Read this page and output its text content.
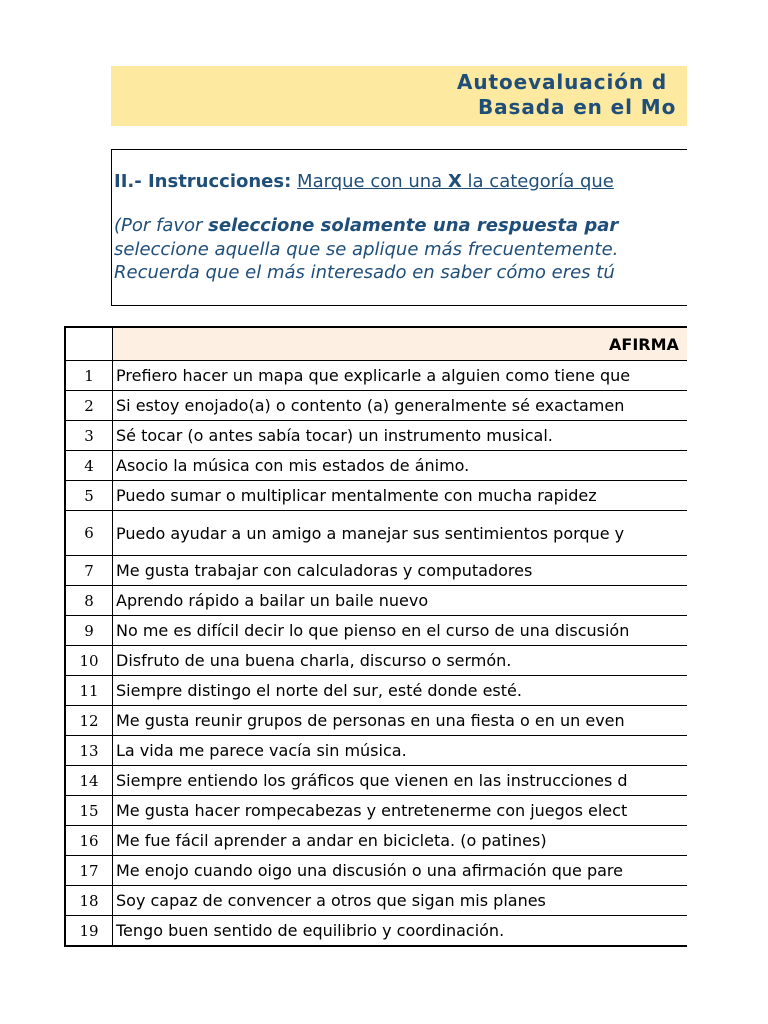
Autoevaluación d
Basada en el Mo
II.- Instrucciones: Marque con una X la categoría que
(Por favor seleccione solamente una respuesta par
seleccione aquella que se aplique más frecuentemente.
Recuerda que el más interesado en saber cómo eres tú
	AFIRMA
1	Prefiero hacer un mapa que explicarle a alguien como tiene que
2	Si estoy enojado(a) o contento (a) generalmente sé exactamen
3	Sé tocar (o antes sabía tocar) un instrumento musical.
4	Asocio la música con mis estados de ánimo.
5	Puedo sumar o multiplicar mentalmente con mucha rapidez
6	Puedo ayudar a un amigo a manejar sus sentimientos porque y
7	Me gusta trabajar con calculadoras y computadores
8	Aprendo rápido a bailar un baile nuevo
9	No me es difícil decir lo que pienso en el curso de una discusión
10	Disfruto de una buena charla, discurso o sermón.
11	Siempre distingo el norte del sur, esté donde esté.
12	Me gusta reunir grupos de personas en una fiesta o en un even
13	La vida me parece vacía sin música.
14	Siempre entiendo los gráficos que vienen en las instrucciones d
15	Me gusta hacer rompecabezas y entretenerme con juegos elect
16	Me fue fácil aprender a andar en bicicleta. (o patines)
17	Me enojo cuando oigo una discusión o una afirmación que pare
18	Soy capaz de convencer a otros que sigan mis planes
19	Tengo buen sentido de equilibrio y coordinación.
